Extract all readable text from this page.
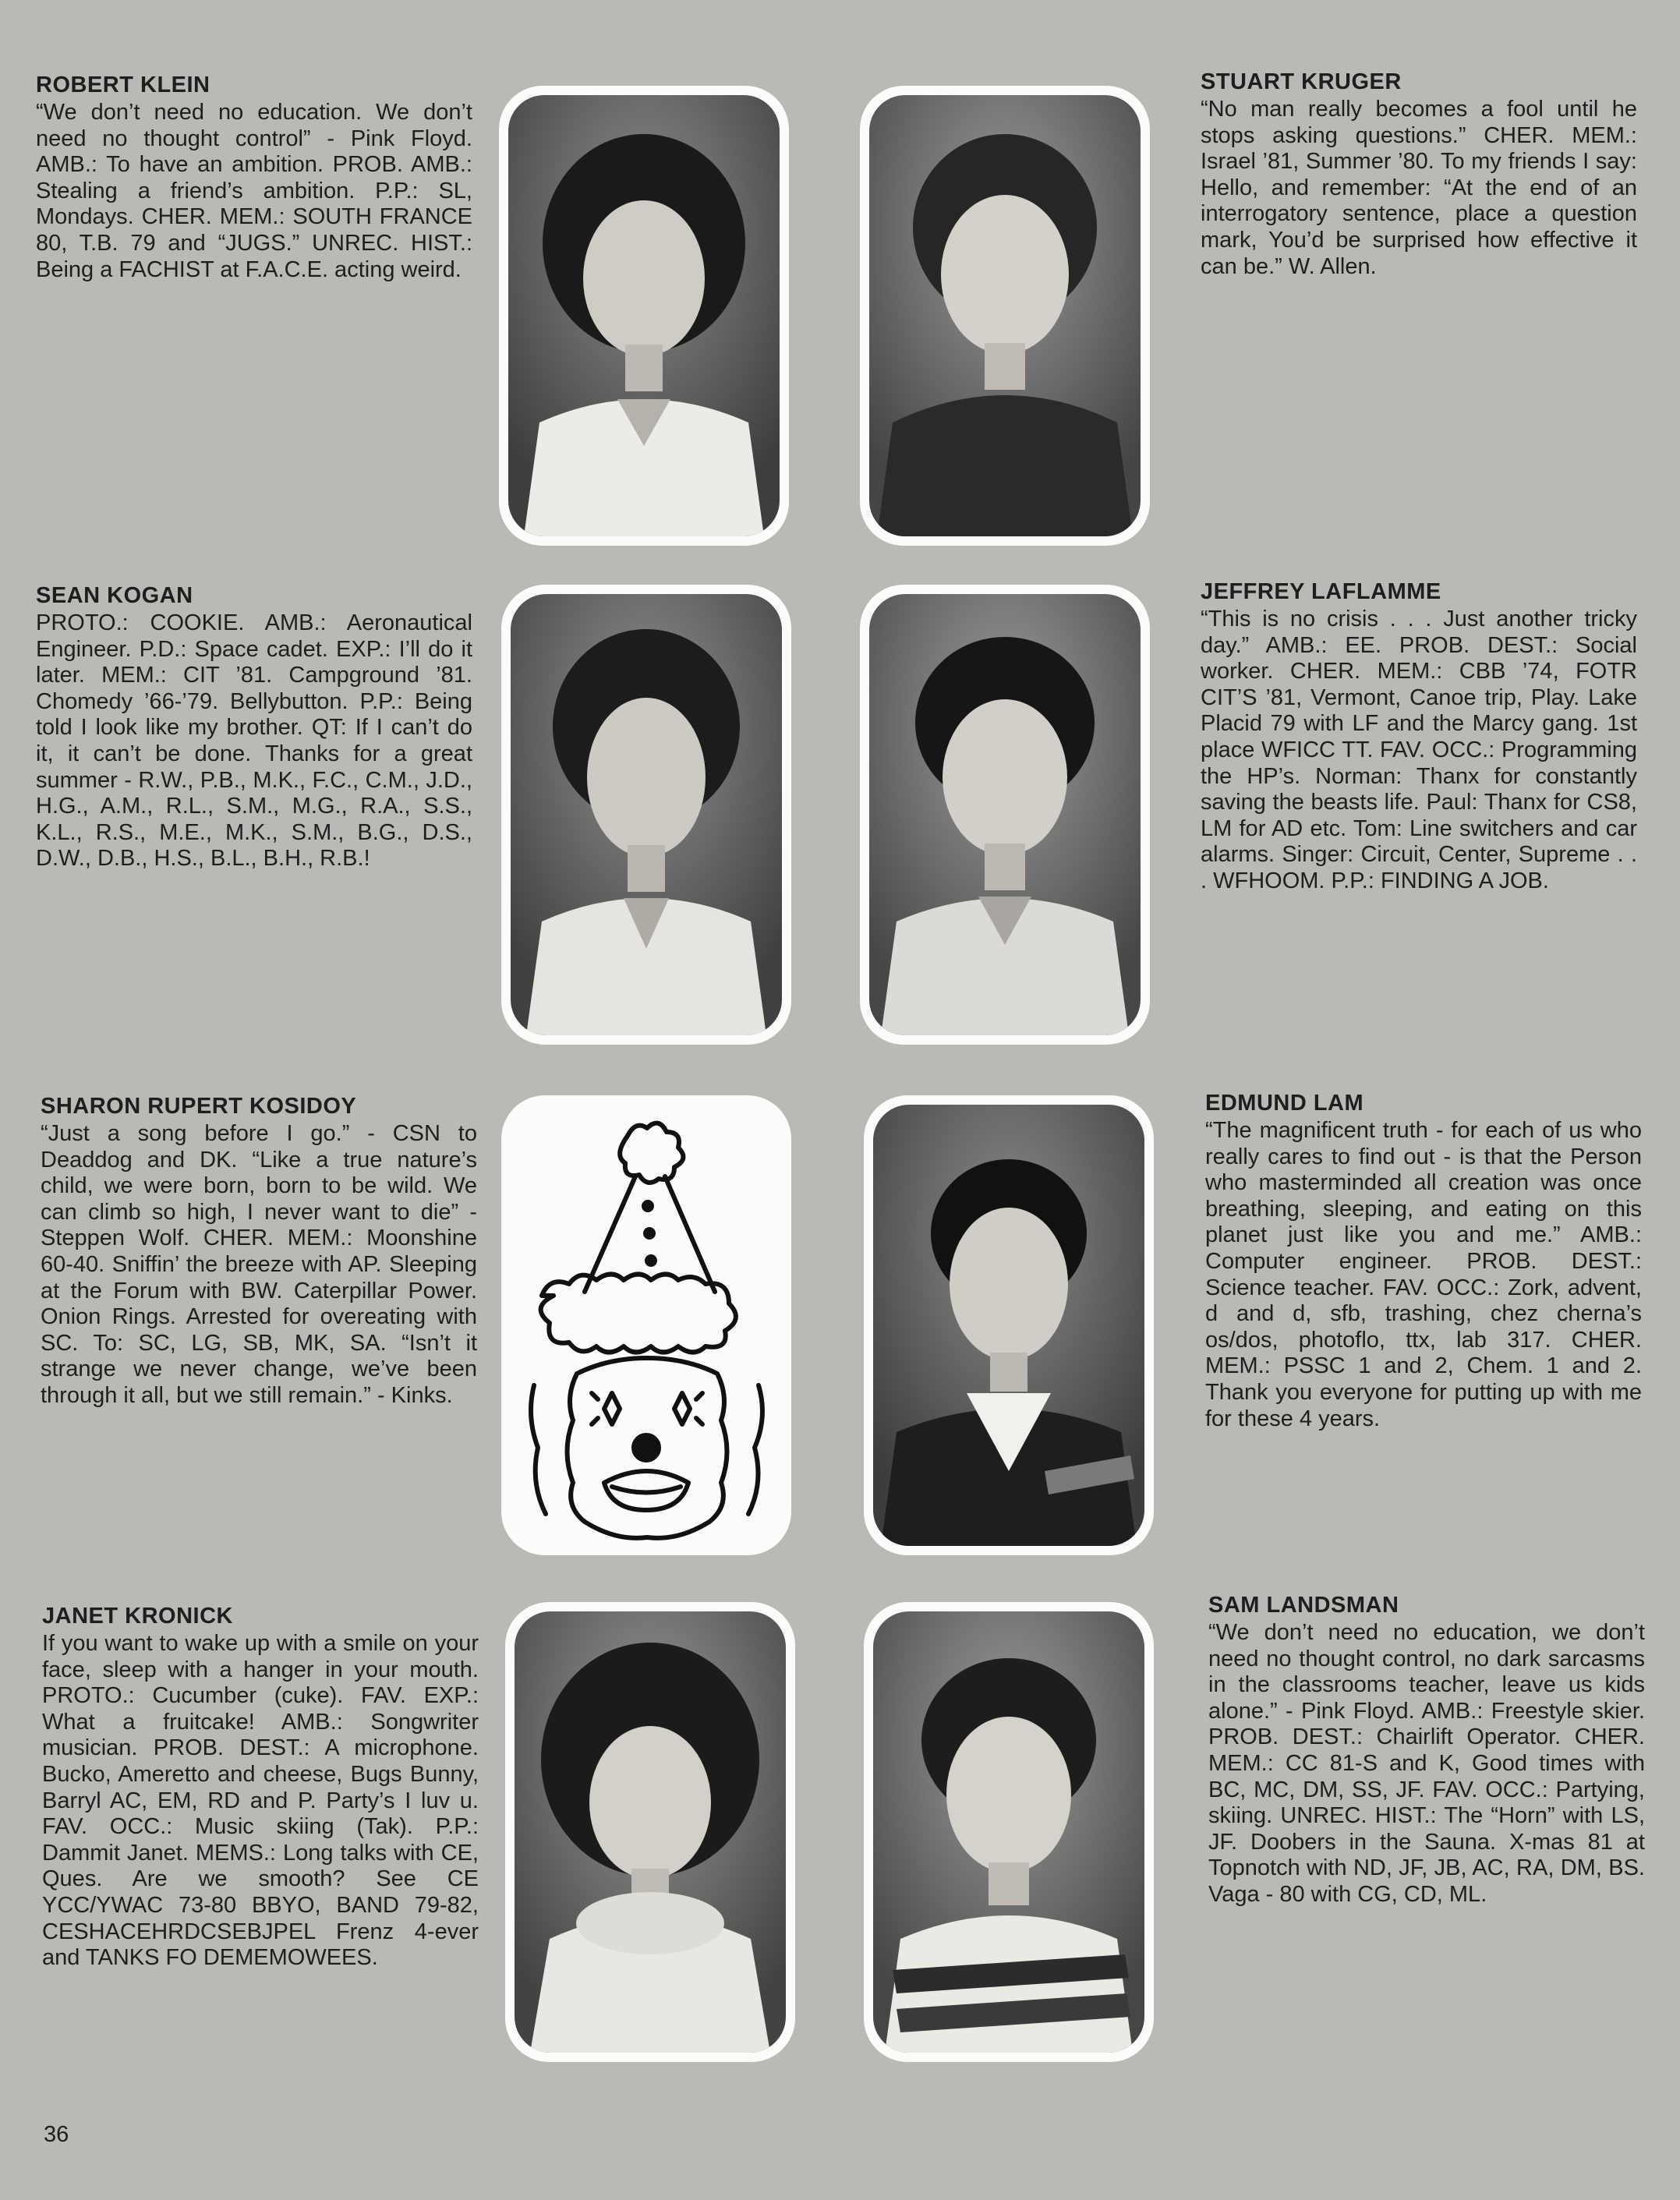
ROBERT KLEIN

“We don’t need no education. We don’t need no thought control” - Pink Floyd. AMB.: To have an ambition. PROB. AMB.: Stealing a friend’s ambition. P.P.: SL, Mondays. CHER. MEM.: SOUTH FRANCE 80, T.B. 79 and “JUGS.” UNREC. HIST.: Being a FACHIST at F.A.C.E. acting weird.

SEAN KOGAN

PROTO.: COOKIE. AMB.: Aeronautical Engineer. P.D.: Space cadet. EXP.: I’ll do it later. MEM.: CIT ’81. Campground ’81. Chomedy ’66-’79. Bellybutton. P.P.: Being told I look like my brother. QT: If I can’t do it, it can’t be done. Thanks for a great summer - R.W., P.B., M.K., F.C., C.M., J.D., H.G., A.M., R.L., S.M., M.G., R.A., S.S., K.L., R.S., M.E., M.K., S.M., B.G., D.S., D.W., D.B., H.S., B.L., B.H., R.B.!

SHARON RUPERT KOSIDOY

“Just a song before I go.” - CSN to Deaddog and DK. “Like a true nature’s child, we were born, born to be wild. We can climb so high, I never want to die” - Steppen Wolf. CHER. MEM.: Moonshine 60-40. Sniffin’ the breeze with AP. Sleeping at the Forum with BW. Caterpillar Power. Onion Rings. Arrested for overeating with SC. To: SC, LG, SB, MK, SA. “Isn’t it strange we never change, we’ve been through it all, but we still remain.” - Kinks.

JANET KRONICK

If you want to wake up with a smile on your face, sleep with a hanger in your mouth. PROTO.: Cucumber (cuke). FAV. EXP.: What a fruitcake! AMB.: Songwriter musician. PROB. DEST.: A microphone. Bucko, Ameretto and cheese, Bugs Bunny, Barryl AC, EM, RD and P. Party’s I luv u. FAV. OCC.: Music skiing (Tak). P.P.: Dammit Janet. MEMS.: Long talks with CE, Ques. Are we smooth? See CE YCC/YWAC 73-80 BBYO, BAND 79-82, CESHACEHRDCSEBJPEL Frenz 4-ever and TANKS FO DEMEMOWEES.

STUART KRUGER

“No man really becomes a fool until he stops asking questions.” CHER. MEM.: Israel ’81, Summer ’80. To my friends I say: Hello, and remember: “At the end of an interrogatory sentence, place a question mark, You’d be surprised how effective it can be.” W. Allen.

JEFFREY LAFLAMME

“This is no crisis . . . Just another tricky day.” AMB.: EE. PROB. DEST.: Social worker. CHER. MEM.: CBB ’74, FOTR CIT’S ’81, Vermont, Canoe trip, Play. Lake Placid 79 with LF and the Marcy gang. 1st place WFICC TT. FAV. OCC.: Programming the HP’s. Norman: Thanx for constantly saving the beasts life. Paul: Thanx for CS8, LM for AD etc. Tom: Line switchers and car alarms. Singer: Circuit, Center, Supreme . . . WFHOOM. P.P.: FINDING A JOB.

EDMUND LAM

“The magnificent truth - for each of us who really cares to find out - is that the Person who masterminded all creation was once breathing, sleeping, and eating on this planet just like you and me.” AMB.: Computer engineer. PROB. DEST.: Science teacher. FAV. OCC.: Zork, advent, d and d, sfb, trashing, chez cherna’s os/dos, photoflo, ttx, lab 317. CHER. MEM.: PSSC 1 and 2, Chem. 1 and 2. Thank you everyone for putting up with me for these 4 years.

SAM LANDSMAN

“We don’t need no education, we don’t need no thought control, no dark sarcasms in the classrooms teacher, leave us kids alone.” - Pink Floyd. AMB.: Freestyle skier. PROB. DEST.: Chairlift Operator. CHER. MEM.: CC 81-S and K, Good times with BC, MC, DM, SS, JF. FAV. OCC.: Partying, skiing. UNREC. HIST.: The “Horn” with LS, JF. Doobers in the Sauna. X-mas 81 at Topnotch with ND, JF, JB, AC, RA, DM, BS. Vaga - 80 with CG, CD, ML.

36
